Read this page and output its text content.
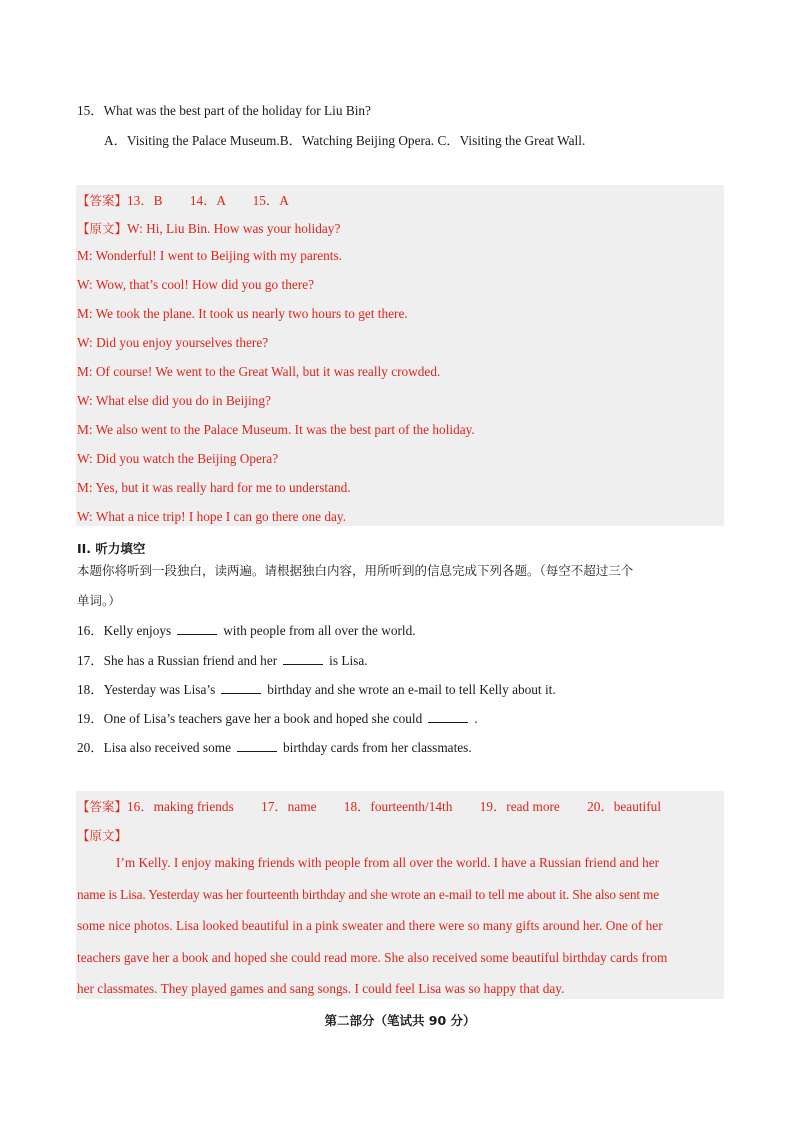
15．What was the best part of the holiday for Liu Bin?
A．Visiting the Palace Museum.B．Watching Beijing Opera. C．Visiting the Great Wall.
【答案】13．B 14．A 15．A
【原文】W: Hi, Liu Bin. How was your holiday?
M: Wonderful! I went to Beijing with my parents.
W: Wow, that’s cool! How did you go there?
M: We took the plane. It took us nearly two hours to get there.
W: Did you enjoy yourselves there?
M: Of course! We went to the Great Wall, but it was really crowded.
W: What else did you do in Beijing?
M: We also went to the Palace Museum. It was the best part of the holiday.
W: Did you watch the Beijing Opera?
M: Yes, but it was really hard for me to understand.
W: What a nice trip! I hope I can go there one day.
II. 听力填空
本题你将听到一段独白，读两遍。请根据独白内容，用所听到的信息完成下列各题。（每空不超过三个
单词。）
16．Kelly enjoys	with people from all over the world.
17．She has a Russian friend and her	is Lisa.
18．Yesterday was Lisa’s	birthday and she wrote an e-mail to tell Kelly about it.
19．One of Lisa’s teachers gave her a book and hoped she could	.
20．Lisa also received some	birthday cards from her classmates.
【答案】16．making friends 17．name 18．fourteenth/14th 19．read more 20．beautiful
【原文】
I’m Kelly. I enjoy making friends with people from all over the world. I have a Russian friend and her
name is Lisa. Yesterday was her fourteenth birthday and she wrote an e-mail to tell me about it. She also sent me
some nice photos. Lisa looked beautiful in a pink sweater and there were so many gifts around her. One of her
teachers gave her a book and hoped she could read more. She also received some beautiful birthday cards from
her classmates. They played games and sang songs. I could feel Lisa was so happy that day.
第二部分（笔试共 90 分）
